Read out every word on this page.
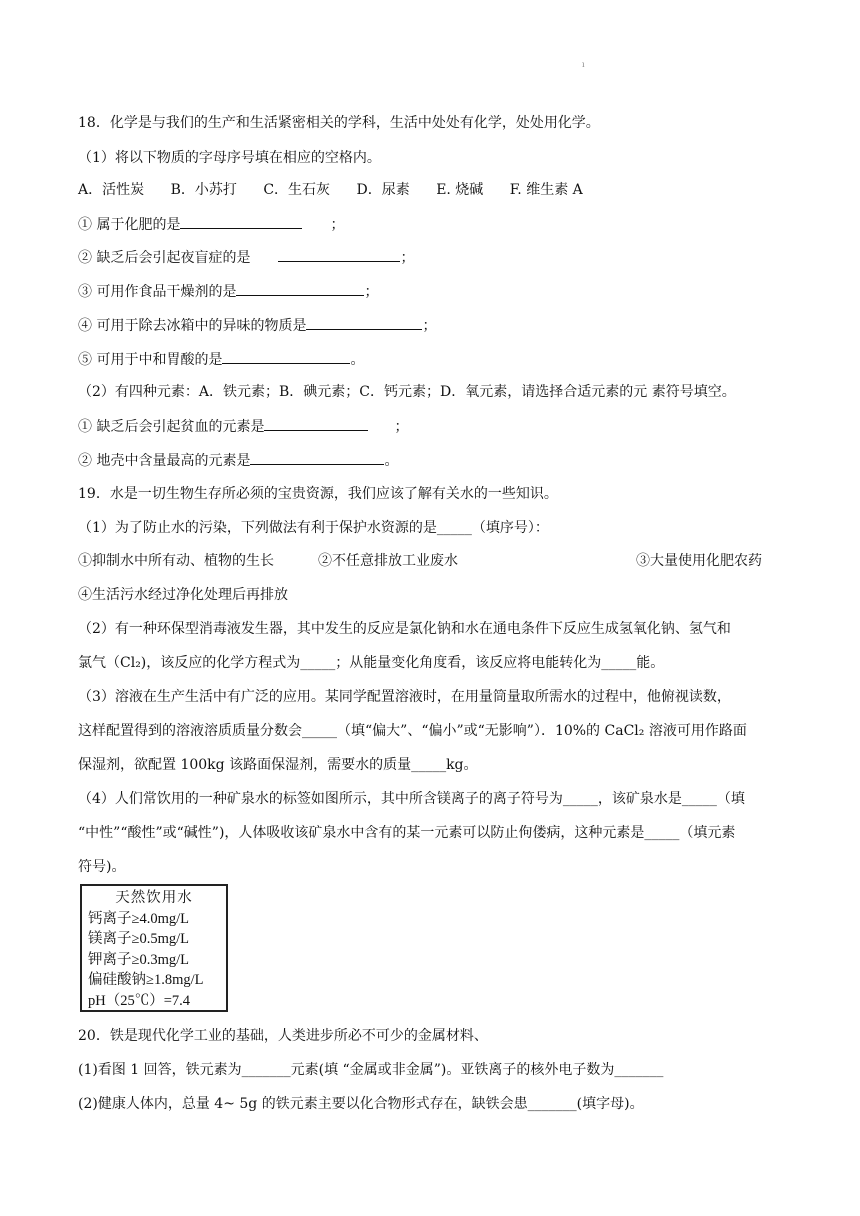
ı
18．化学是与我们的生产和生活紧密相关的学科，生活中处处有化学，处处用化学。
（1）将以下物质的字母序号填在相应的空格内。
A．活性炭 B．小苏打 C．生石灰 D．尿素 E. 烧碱 F. 维生素 A
① 属于化肥的是	；
② 缺乏后会引起夜盲症的是	；
③ 可用作食品干燥剂的是	；
④ 可用于除去冰箱中的异味的物质是	；
⑤ 可用于中和胃酸的是	。
（2）有四种元素：A．铁元素；B．碘元素；C．钙元素；D．氧元素，请选择合适元素的元 素符号填空。
① 缺乏后会引起贫血的元素是	；
② 地壳中含量最高的元素是	。
19．水是一切生物生存所必须的宝贵资源，我们应该了解有关水的一些知识。
（1）为了防止水的污染，下列做法有利于保护水资源的是_____（填序号）：
①抑制水中所有动、植物的生长	②不任意排放工业废水	③大量使用化肥农药
④生活污水经过净化处理后再排放
（2）有一种环保型消毒液发生器，其中发生的反应是氯化钠和水在通电条件下反应生成氢氧化钠、氢气和
氯气（Cl₂)，该反应的化学方程式为_____；从能量变化角度看，该反应将电能转化为_____能。
（3）溶液在生产生活中有广泛的应用。某同学配置溶液时，在用量筒量取所需水的过程中，他俯视读数，
这样配置得到的溶液溶质质量分数会_____（填“偏大”、“偏小”或“无影响”）．10%的 CaCl₂ 溶液可用作路面
保湿剂，欲配置 100kg 该路面保湿剂，需要水的质量_____kg。
（4）人们常饮用的一种矿泉水的标签如图所示，其中所含镁离子的离子符号为_____，该矿泉水是_____（填
“中性”“酸性”或“碱性”)，人体吸收该矿泉水中含有的某一元素可以防止佝偻病，这种元素是_____（填元素
符号)。
天然饮用水
钙离子≥4.0mg/L
镁离子≥0.5mg/L
钾离子≥0.3mg/L
偏硅酸钠≥1.8mg/L
pH（25℃）=7.4
20．铁是现代化学工业的基础，人类进步所必不可少的金属材料、
(1)看图 1 回答，铁元素为_______元素(填 “金属或非金属”)。亚铁离子的核外电子数为_______
(2)健康人体内，总量 4~ 5g 的铁元素主要以化合物形式存在，缺铁会患_______(填字母)。
